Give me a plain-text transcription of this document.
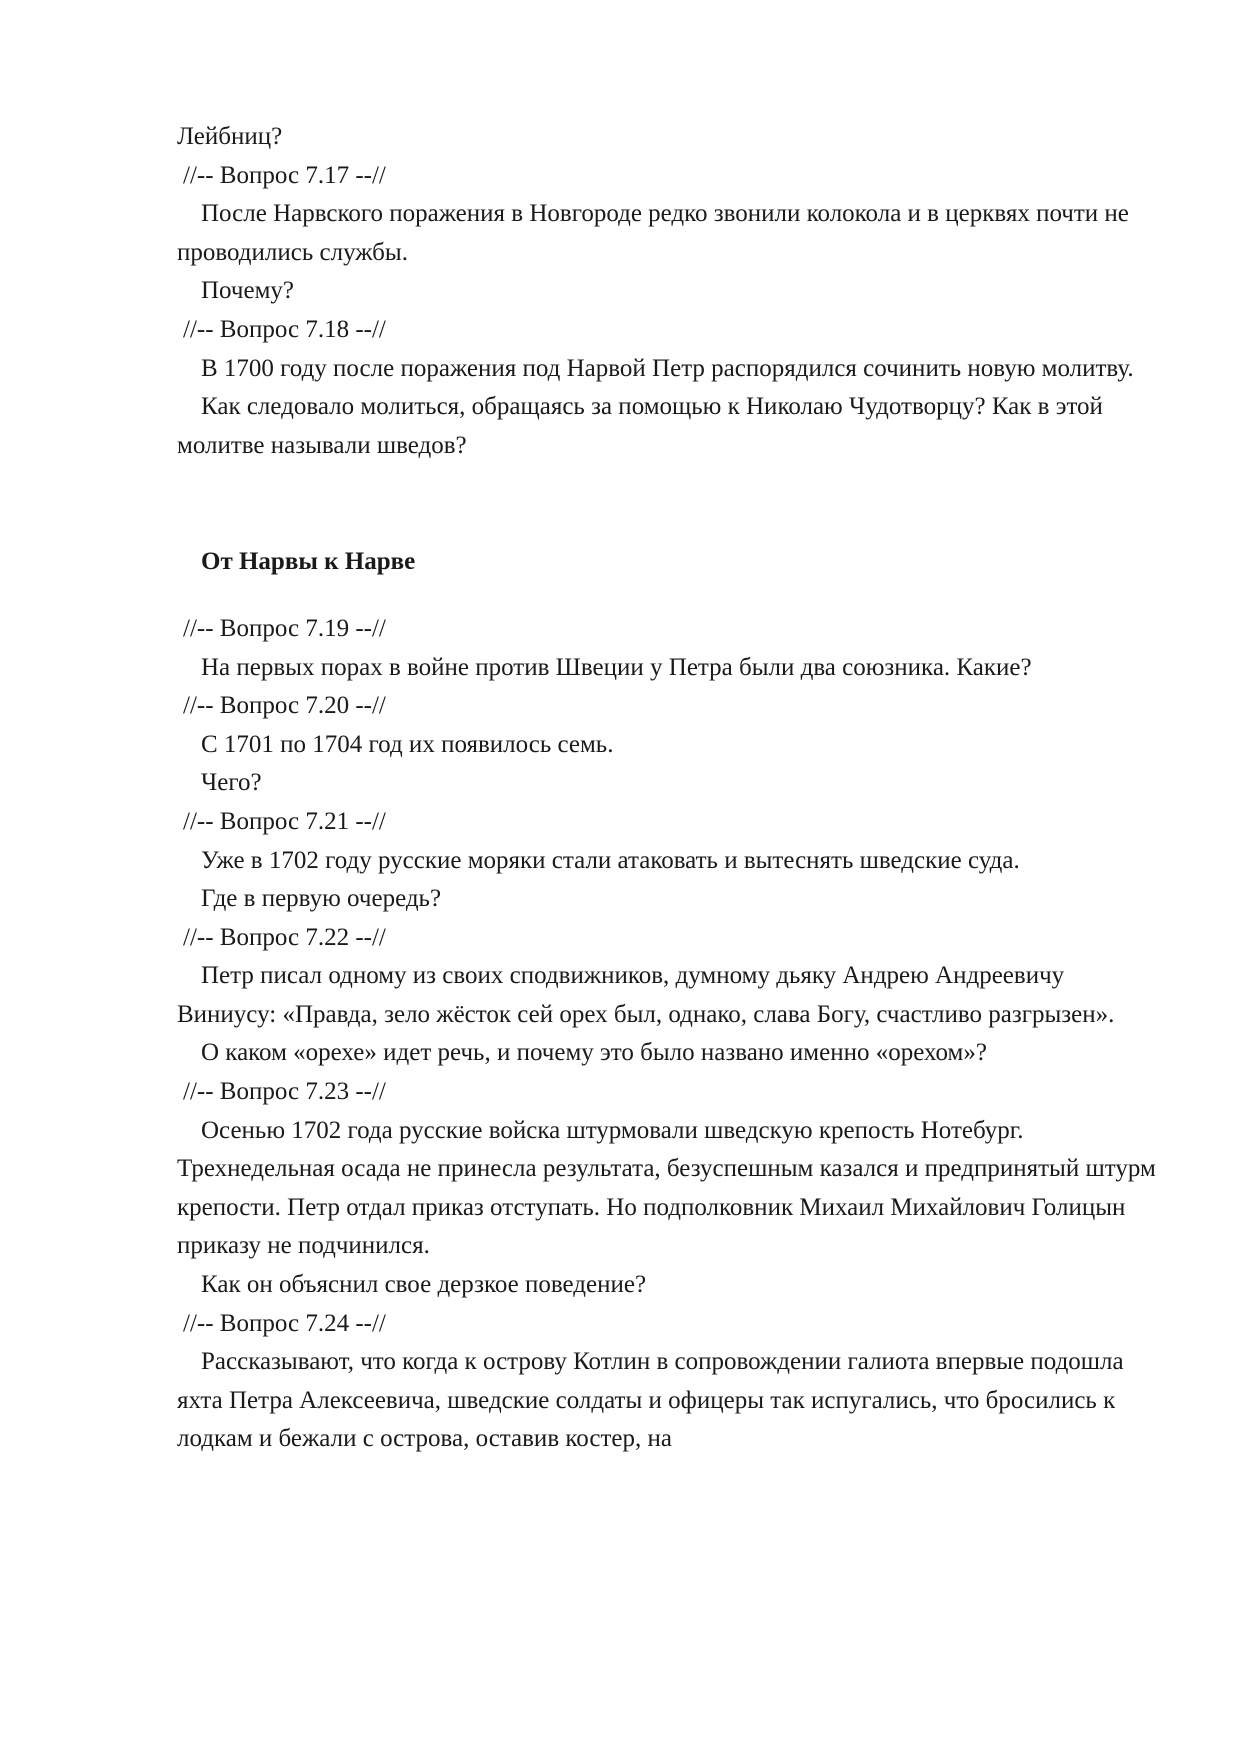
Лейбниц?
//-- Вопрос 7.17 --//
После Нарвского поражения в Новгороде редко звонили колокола и в церквях почти не проводились службы.
Почему?
//-- Вопрос 7.18 --//
В 1700 году после поражения под Нарвой Петр распорядился сочинить новую молитву.
Как следовало молиться, обращаясь за помощью к Николаю Чудотворцу? Как в этой молитве называли шведов?
От Нарвы к Нарве
//-- Вопрос 7.19 --//
На первых порах в войне против Швеции у Петра были два союзника. Какие?
//-- Вопрос 7.20 --//
С 1701 по 1704 год их появилось семь.
Чего?
//-- Вопрос 7.21 --//
Уже в 1702 году русские моряки стали атаковать и вытеснять шведские суда.
Где в первую очередь?
//-- Вопрос 7.22 --//
Петр писал одному из своих сподвижников, думному дьяку Андрею Андреевичу Виниусу: «Правда, зело жёсток сей орех был, однако, слава Богу, счастливо разгрызен».
О каком «орехе» идет речь, и почему это было названо именно «орехом»?
//-- Вопрос 7.23 --//
Осенью 1702 года русские войска штурмовали шведскую крепость Нотебург. Трехнедельная осада не принесла результата, безуспешным казался и предпринятый штурм крепости. Петр отдал приказ отступать. Но подполковник Михаил Михайлович Голицын приказу не подчинился.
Как он объяснил свое дерзкое поведение?
//-- Вопрос 7.24 --//
Рассказывают, что когда к острову Котлин в сопровождении галиота впервые подошла яхта Петра Алексеевича, шведские солдаты и офицеры так испугались, что бросились к лодкам и бежали с острова, оставив костер, на
